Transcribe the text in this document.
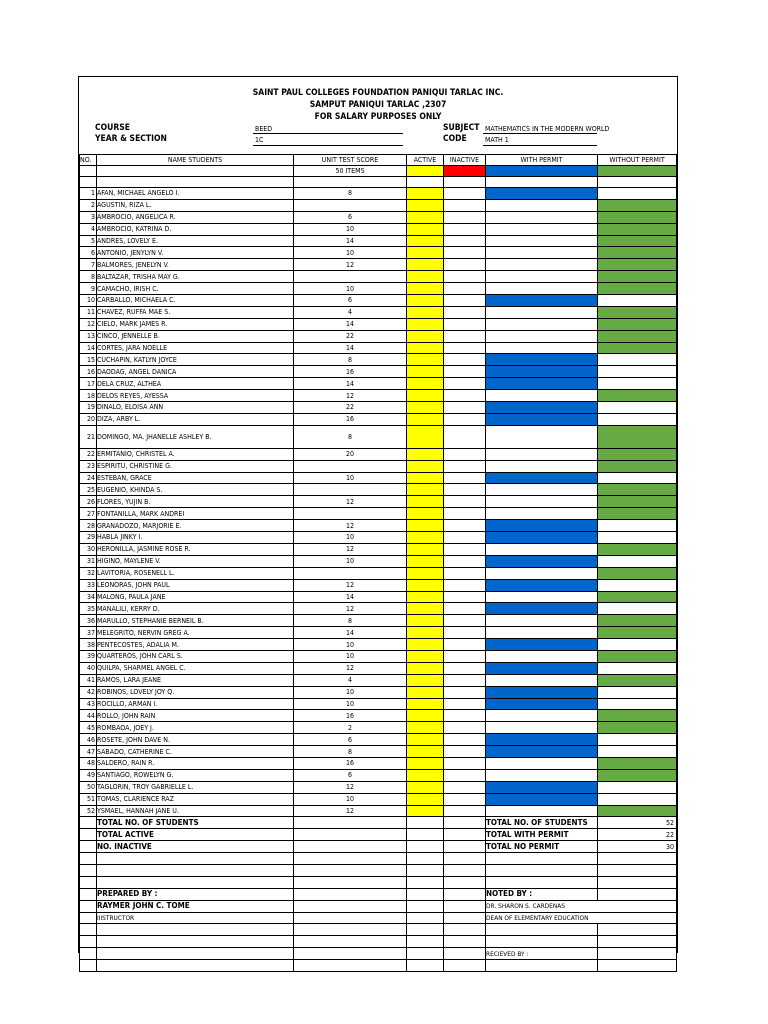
SAINT PAUL COLLEGES FOUNDATION PANIQUI TARLAC INC.
SAMPUT PANIQUI TARLAC ,2307
FOR SALARY PURPOSES ONLY
COURSE	BEED
YEAR & SECTION	1C
SUBJECT MATHEMATICS IN THE MODERN WORLD
CODE	MATH 1
NO.	NAME STUDENTS	UNIT TEST SCORE	ACTIVE	INACTIVE	WITH PERMIT	WITHOUT PERMIT
		50 ITEMS				

1	AFAN, MICHAEL ANGELO I.	8				
2	AGUSTIN, RIZA L.					
3	AMBROCIO, ANGELICA R.	6				
4	AMBROCIO, KATRINA D.	10				
5	ANDRES, LOVELY E.	14				
6	ANTONIO, JENYLYN V.	10				
7	BALMORES, JENELYN V.	12				
8	BALTAZAR, TRISHA MAY G.					
9	CAMACHO, IRISH C.	10				
10	CARBALLO, MICHAELA C.	6				
11	CHAVEZ, RUFFA MAE S.	4				
12	CIELO, MARK JAMES R.	14				
13	CINCO, JENNELLE B.	22				
14	CORTES, JARA NOELLE	14				
15	CUCHAPIN, KATLYN JOYCE	8				
16	DAODAG, ANGEL DANICA	16				
17	DELA CRUZ, ALTHEA	14				
18	DELOS REYES, AYESSA	12				
19	DINALO, ELOISA ANN	22				
20	DIZA, ARBY L.	16				
21	DOMINGO, MA. JHANELLE ASHLEY B.	8				
22	ERMITANIO, CHRISTEL A.	20				
23	ESPIRITU, CHRISTINE G.					
24	ESTEBAN, GRACE	10				
25	EUGENIO, KHINDA S.					
26	FLORES, YUJIN B.	12				
27	FONTANILLA, MARK ANDREI					
28	GRANADOZO, MARJORIE E.	12				
29	HABLA JINKY I.	10				
30	HERONILLA, JASMINE ROSE R.	12				
31	HIGINO, MAYLENE V.	10				
32	LAVITORIA, ROSENELL L.					
33	LEONORAS, JOHN PAUL	12				
34	MALONG, PAULA JANE	14				
35	MANALILI, KERRY D.	12				
36	MARULLO, STEPHANIE BERNEIL B.	8				
37	MELEGRITO, NERVIN GREG A.	14				
38	PENTECOSTES, ADALIA M.	10				
39	QUARTEROS, JOHN CARL S.	10				
40	QUILPA, SHARMEL ANGEL C.	12				
41	RAMOS, LARA JEANE	4				
42	ROBINOS, LOVELY JOY Q.	10				
43	ROCILLO, ARMAN I.	10				
44	ROLLO, JOHN RAIN	16				
45	ROMBAOA, JOEY J.	2				
46	ROSETE, JOHN DAVE N.	6				
47	SABADO, CATHERINE C.	8				
48	SALDERO, RAIN R.	16				
49	SANTIAGO, ROWELYN G.	6				
50	TAGLORIN, TROY GABRIELLE L.	12				
51	TOMAS, CLARIENCE RAZ	10				
52	YSMAEL, HANNAH JANE U.	12				
	TOTAL NO. OF STUDENTS				TOTAL NO. OF STUDENTS	52
	TOTAL ACTIVE				TOTAL WITH PERMIT	22
	NO. INACTIVE				TOTAL NO PERMIT	30

	PREPARED BY :				NOTED BY :	
	RAYMER JOHN C. TOME				DR. SHARON S. CARDENAS	
	IIISTRUCTOR				DEAN OF ELEMENTARY EDUCATION	

					RECIEVED BY :	
